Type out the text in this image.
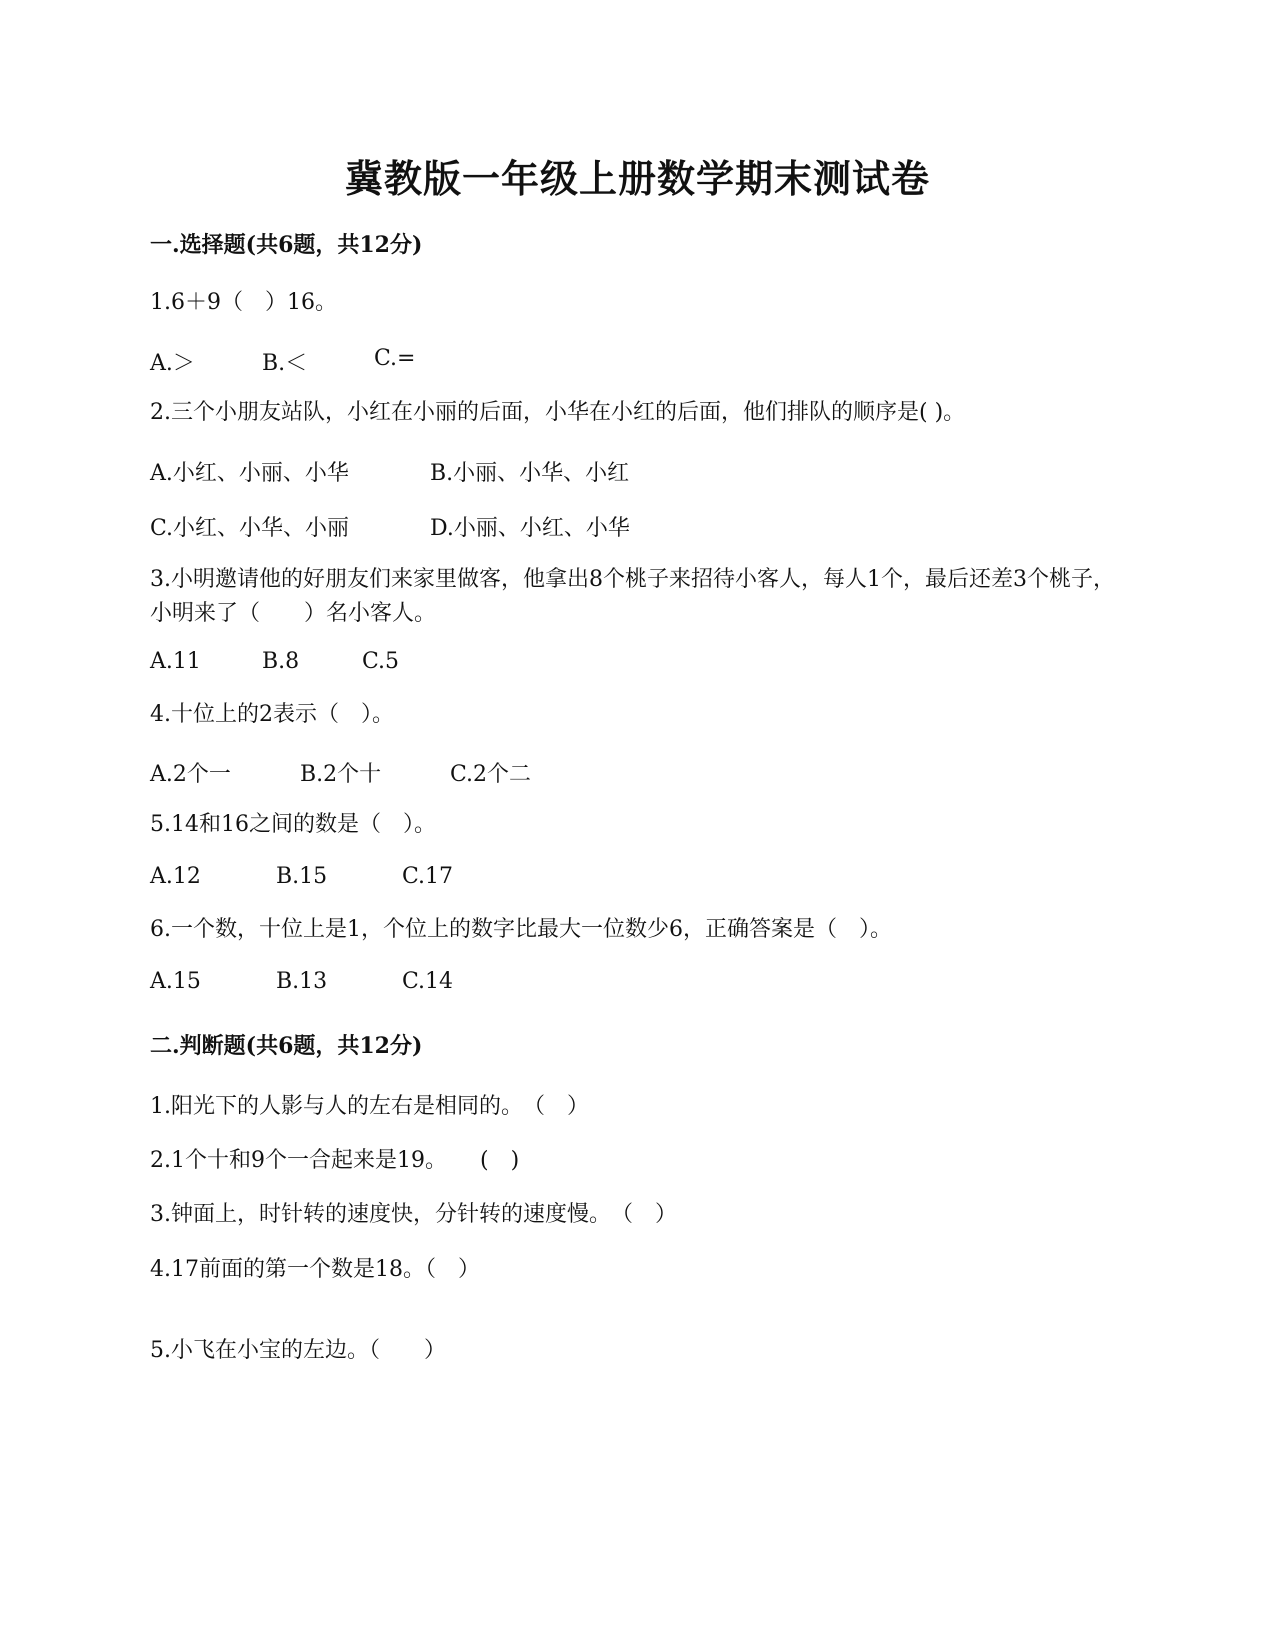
冀教版一年级上册数学期末测试卷
一.选择题(共6题，共12分)
1.6＋9（　）16。
A.＞	B.＜	C.=
2.三个小朋友站队，小红在小丽的后面，小华在小红的后面，他们排队的顺序是( )。
A.小红、小丽、小华	B.小丽、小华、小红
C.小红、小华、小丽	D.小丽、小红、小华
3.小明邀请他的好朋友们来家里做客，他拿出8个桃子来招待小客人，每人1个，最后还差3个桃子，小明来了（　　）名小客人。
A.11	B.8	C.5
4.十位上的2表示（　）。
A.2个一	B.2个十	C.2个二
5.14和16之间的数是（　）。
A.12	B.15	C.17
6.一个数，十位上是1，个位上的数字比最大一位数少6，正确答案是（　）。
A.15	B.13	C.14
二.判断题(共6题，共12分)
1.阳光下的人影与人的左右是相同的。　（　）
2.1个十和9个一合起来是19。　　(　)
3.钟面上，时针转的速度快，分针转的速度慢。　（　）
4.17前面的第一个数是18。（　）
5.小飞在小宝的左边。（　　）
